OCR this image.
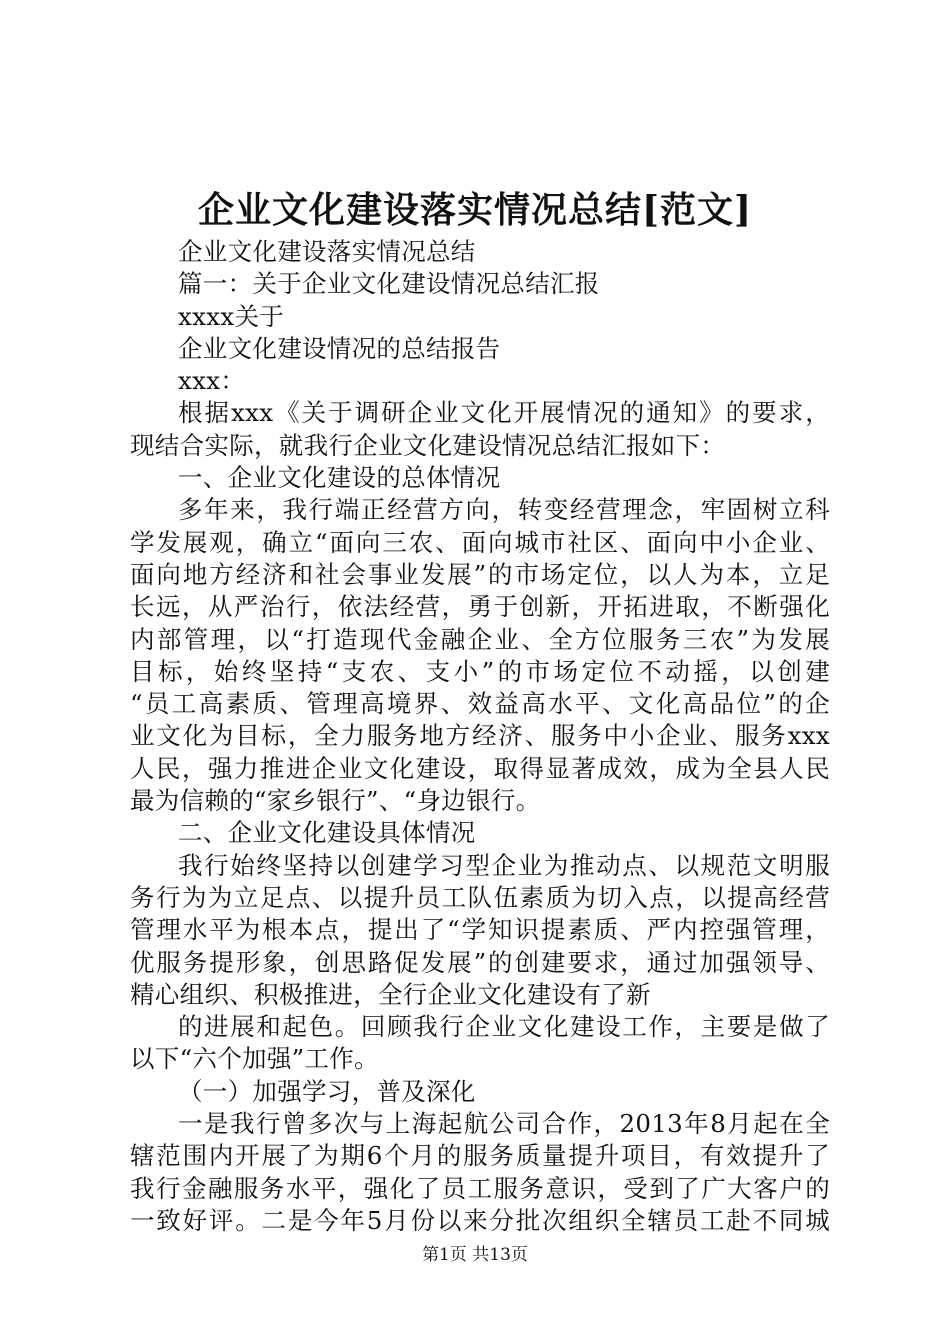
企业文化建设落实情况总结[范文]
企业文化建设落实情况总结
篇一：关于企业文化建设情况总结汇报
xxxx关于
企业文化建设情况的总结报告
xxx：
根据xxx《关于调研企业文化开展情况的通知》的要求，
现结合实际，就我行企业文化建设情况总结汇报如下：
一、企业文化建设的总体情况
多年来，我行端正经营方向，转变经营理念，牢固树立科
学发展观，确立“面向三农、面向城市社区、面向中小企业、
面向地方经济和社会事业发展”的市场定位，以人为本，立足
长远，从严治行，依法经营，勇于创新，开拓进取，不断强化
内部管理，以“打造现代金融企业、全方位服务三农”为发展
目标，始终坚持“支农、支小”的市场定位不动摇，以创建
“员工高素质、管理高境界、效益高水平、文化高品位”的企
业文化为目标，全力服务地方经济、服务中小企业、服务xxx
人民，强力推进企业文化建设，取得显著成效，成为全县人民
最为信赖的“家乡银行”、“身边银行。
二、企业文化建设具体情况
我行始终坚持以创建学习型企业为推动点、以规范文明服
务行为为立足点、以提升员工队伍素质为切入点，以提高经营
管理水平为根本点，提出了“学知识提素质、严内控强管理，
优服务提形象，创思路促发展”的创建要求，通过加强领导、
精心组织、积极推进，全行企业文化建设有了新
的进展和起色。回顾我行企业文化建设工作，主要是做了
以下“六个加强”工作。
（一）加强学习，普及深化
一是我行曾多次与上海起航公司合作，2013年8月起在全
辖范围内开展了为期6个月的服务质量提升项目，有效提升了
我行金融服务水平，强化了员工服务意识，受到了广大客户的
一致好评。二是今年5月份以来分批次组织全辖员工赴不同城
第1页 共13页
